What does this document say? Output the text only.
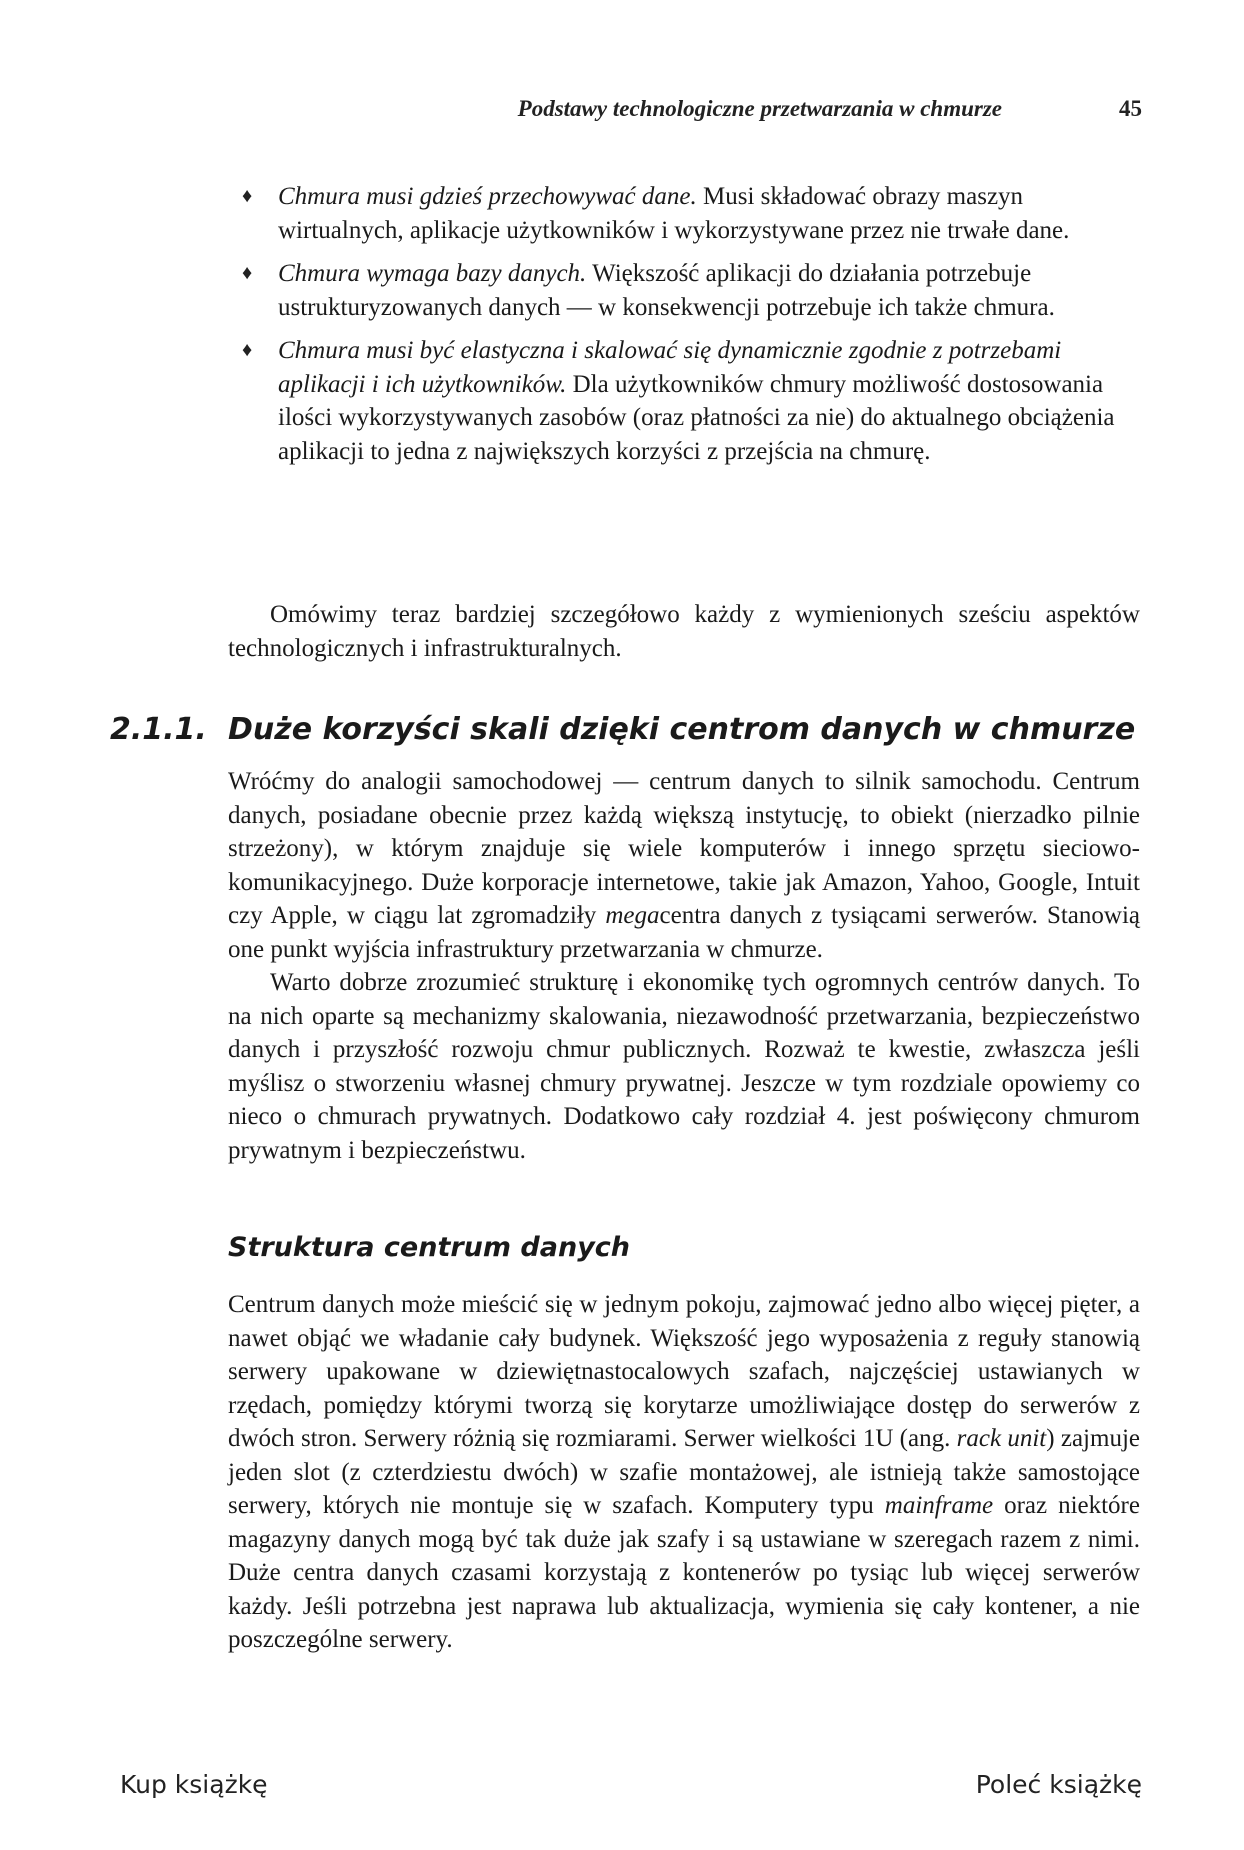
Podstawy technologiczne przetwarzania w chmurze	45
♦ Chmura musi gdzieś przechowywać dane. Musi składować obrazy maszyn wirtualnych, aplikacje użytkowników i wykorzystywane przez nie trwałe dane.
♦ Chmura wymaga bazy danych. Większość aplikacji do działania potrzebuje ustrukturyzowanych danych — w konsekwencji potrzebuje ich także chmura.
♦ Chmura musi być elastyczna i skalować się dynamicznie zgodnie z potrzebami aplikacji i ich użytkowników. Dla użytkowników chmury możliwość dostosowania ilości wykorzystywanych zasobów (oraz płatności za nie) do aktualnego obciążenia aplikacji to jedna z największych korzyści z przejścia na chmurę.

Omówimy teraz bardziej szczegółowo każdy z wymienionych sześciu aspektów technologicznych i infrastrukturalnych.

2.1.1. Duże korzyści skali dzięki centrom danych w chmurze

Wróćmy do analogii samochodowej — centrum danych to silnik samochodu. Centrum danych, posiadane obecnie przez każdą większą instytucję, to obiekt (nierzadko pilnie strzeżony), w którym znajduje się wiele komputerów i innego sprzętu sieciowo-komunikacyjnego. Duże korporacje internetowe, takie jak Amazon, Yahoo, Google, Intuit czy Apple, w ciągu lat zgromadziły megacentra danych z tysiącami serwerów. Stanowią one punkt wyjścia infrastruktury przetwarzania w chmurze.

Warto dobrze zrozumieć strukturę i ekonomikę tych ogromnych centrów danych. To na nich oparte są mechanizmy skalowania, niezawodność przetwarzania, bezpieczeństwo danych i przyszłość rozwoju chmur publicznych. Rozważ te kwestie, zwłaszcza jeśli myślisz o stworzeniu własnej chmury prywatnej. Jeszcze w tym rozdziale opowiemy co nieco o chmurach prywatnych. Dodatkowo cały rozdział 4. jest poświęcony chmurom prywatnym i bezpieczeństwu.

Struktura centrum danych

Centrum danych może mieścić się w jednym pokoju, zajmować jedno albo więcej pięter, a nawet objąć we władanie cały budynek. Większość jego wyposażenia z reguły stanowią serwery upakowane w dziewiętnastocalowych szafach, najczęściej ustawianych w rzędach, pomiędzy którymi tworzą się korytarze umożliwiające dostęp do serwerów z dwóch stron. Serwery różnią się rozmiarami. Serwer wielkości 1U (ang. rack unit) zajmuje jeden slot (z czterdziestu dwóch) w szafie montażowej, ale istnieją także samostojące serwery, których nie montuje się w szafach. Komputery typu mainframe oraz niektóre magazyny danych mogą być tak duże jak szafy i są ustawiane w szeregach razem z nimi. Duże centra danych czasami korzystają z kontenerów po tysiąc lub więcej serwerów każdy. Jeśli potrzebna jest naprawa lub aktualizacja, wymienia się cały kontener, a nie poszczególne serwery.

Kup książkę	Poleć książkę
